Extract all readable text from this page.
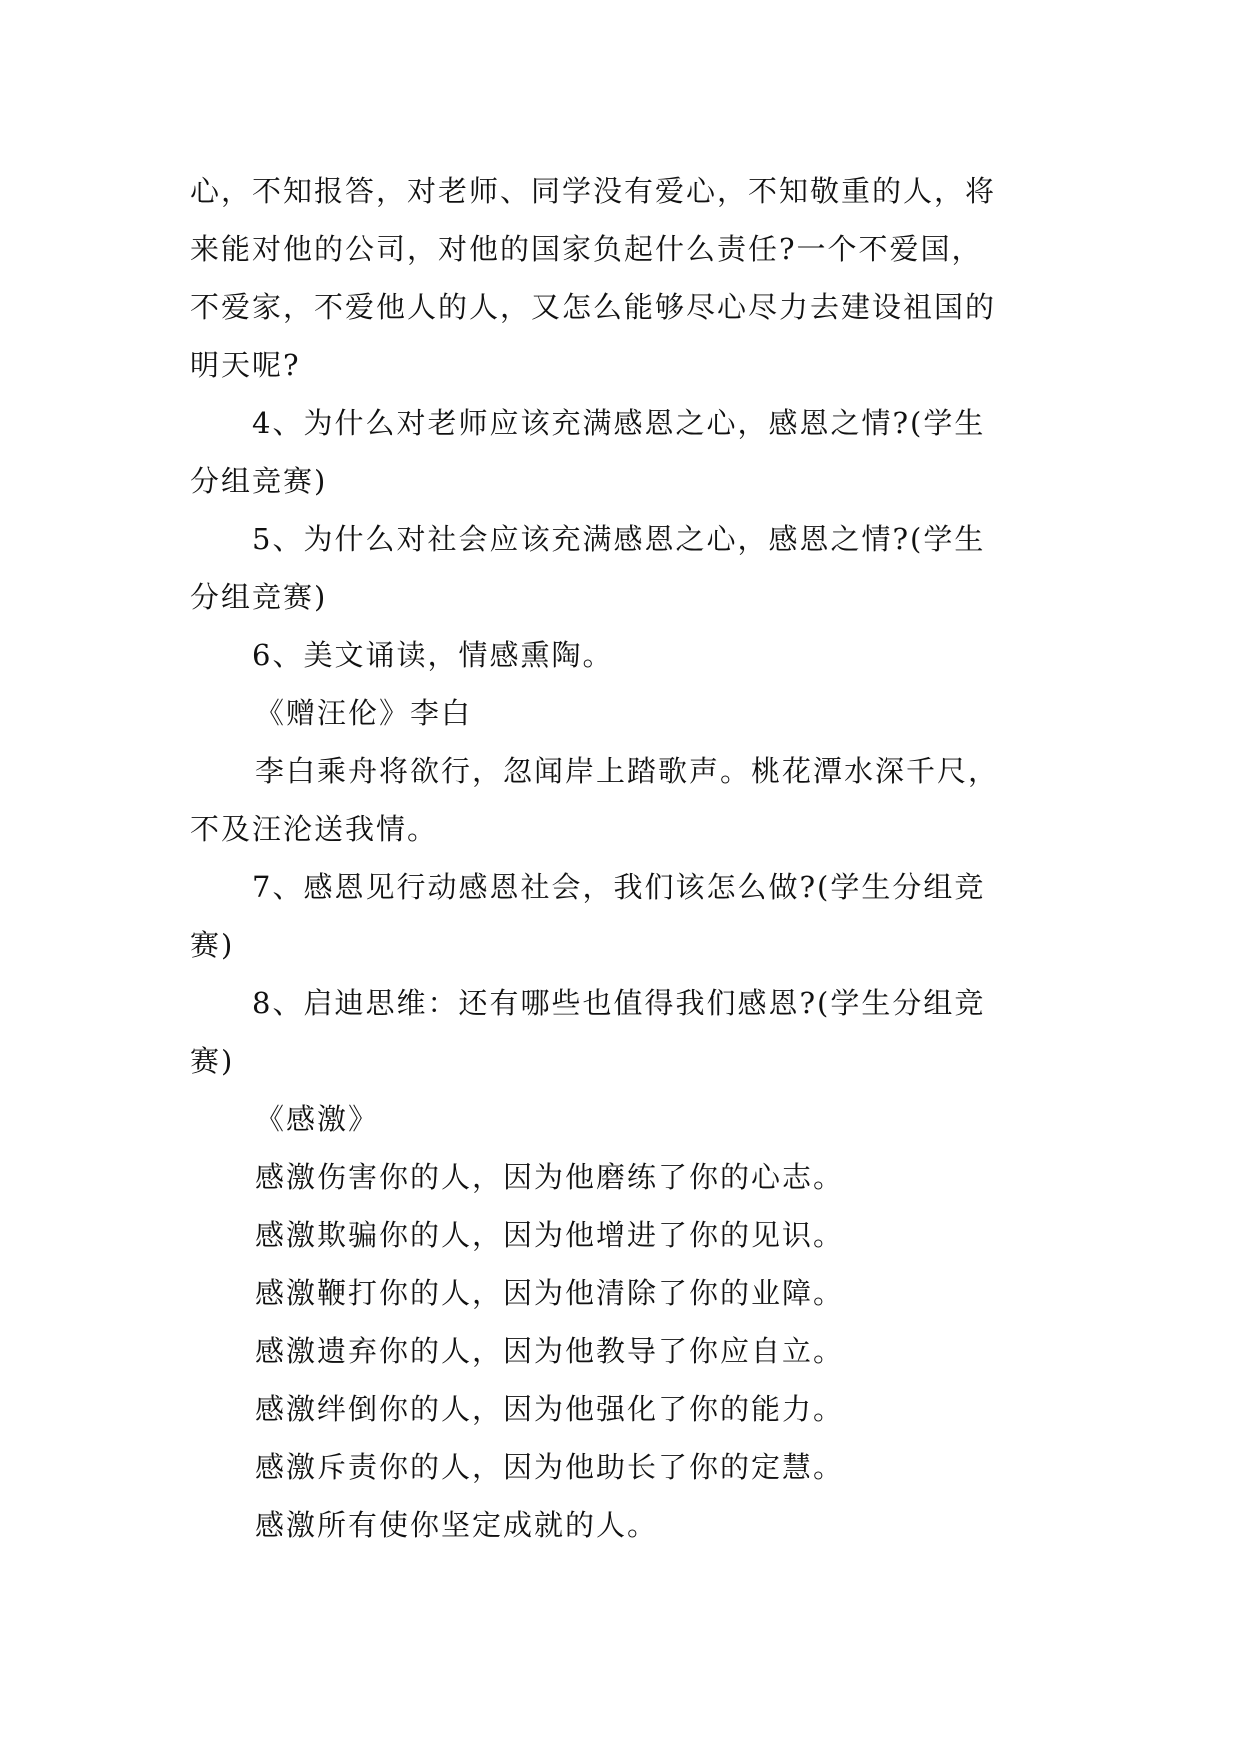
心，不知报答，对老师、同学没有爱心，不知敬重的人，将
来能对他的公司，对他的国家负起什么责任?一个不爱国，
不爱家，不爱他人的人，又怎么能够尽心尽力去建设祖国的
明天呢?
4、为什么对老师应该充满感恩之心，感恩之情?(学生
分组竞赛)
5、为什么对社会应该充满感恩之心，感恩之情?(学生
分组竞赛)
6、美文诵读，情感熏陶。
《赠汪伦》李白
李白乘舟将欲行，忽闻岸上踏歌声。桃花潭水深千尺，
不及汪沦送我情。
7、感恩见行动感恩社会，我们该怎么做?(学生分组竞
赛)
8、启迪思维：还有哪些也值得我们感恩?(学生分组竞
赛)
《感激》
感激伤害你的人，因为他磨练了你的心志。
感激欺骗你的人，因为他增进了你的见识。
感激鞭打你的人，因为他清除了你的业障。
感激遗弃你的人，因为他教导了你应自立。
感激绊倒你的人，因为他强化了你的能力。
感激斥责你的人，因为他助长了你的定慧。
感激所有使你坚定成就的人。
